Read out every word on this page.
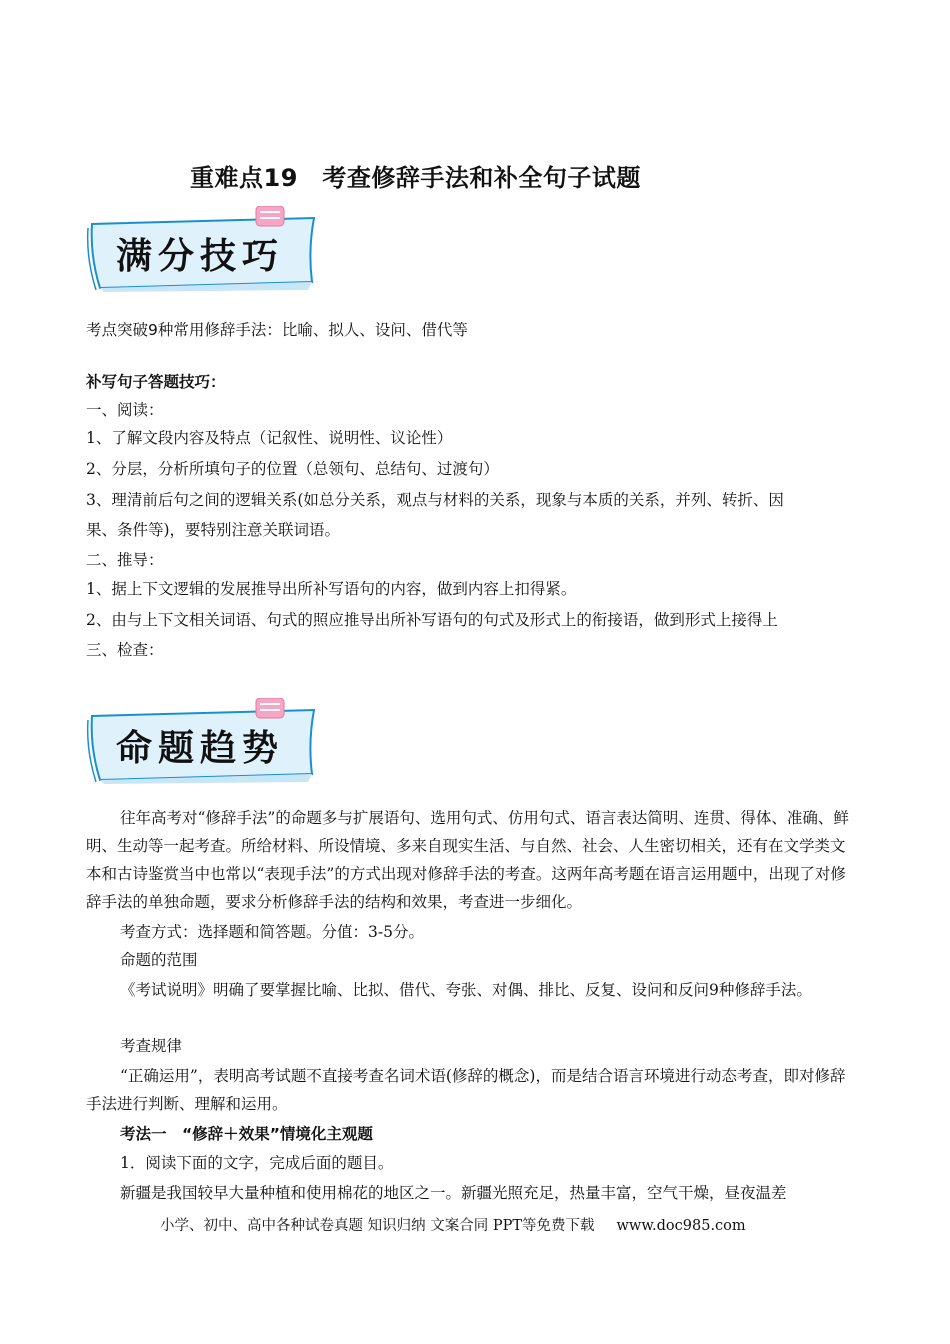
重难点19　考查修辞手法和补全句子试题
满分技巧
考点突破9种常用修辞手法：比喻、拟人、设问、借代等
补写句子答题技巧：
一、阅读：
1、了解文段内容及特点（记叙性、说明性、议论性）
2、分层，分析所填句子的位置（总领句、总结句、过渡句）
3、理清前后句之间的逻辑关系(如总分关系，观点与材料的关系，现象与本质的关系，并列、转折、因
果、条件等)，要特别注意关联词语。
二、推导：
1、据上下文逻辑的发展推导出所补写语句的内容，做到内容上扣得紧。
2、由与上下文相关词语、句式的照应推导出所补写语句的句式及形式上的衔接语，做到形式上接得上
三、检查：
命题趋势
往年高考对“修辞手法”的命题多与扩展语句、选用句式、仿用句式、语言表达简明、连贯、得体、准确、鲜明、生动等一起考查。所给材料、所设情境、多来自现实生活、与自然、社会、人生密切相关，还有在文学类文本和古诗鉴赏当中也常以“表现手法”的方式出现对修辞手法的考查。这两年高考题在语言运用题中，出现了对修辞手法的单独命题，要求分析修辞手法的结构和效果，考查进一步细化。
考查方式：选择题和简答题。分值：3-5分。
命题的范围
《考试说明》明确了要掌握比喻、比拟、借代、夸张、对偶、排比、反复、设问和反问9种修辞手法。
考查规律
“正确运用”，表明高考试题不直接考查名词术语(修辞的概念)，而是结合语言环境进行动态考查，即对修辞手法进行判断、理解和运用。
考法一　“修辞＋效果”情境化主观题
1．阅读下面的文字，完成后面的题目。
新疆是我国较早大量种植和使用棉花的地区之一。新疆光照充足，热量丰富，空气干燥，昼夜温差
小学、初中、高中各种试卷真题 知识归纳 文案合同 PPT等免费下载 www.doc985.com
